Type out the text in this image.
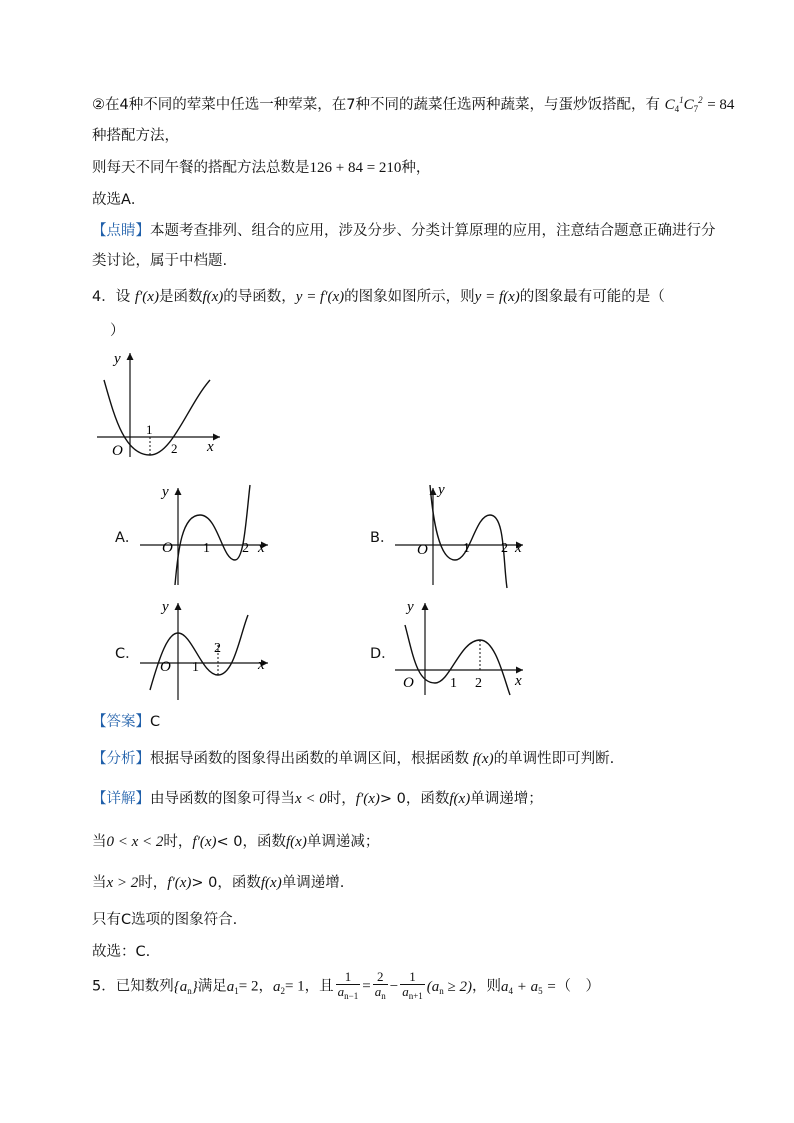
②在4种不同的荤菜中任选一种荤菜，在7种不同的蔬菜任选两种蔬菜，与蛋炒饭搭配，有 $C_4^1C_7^2 = 84$
种搭配方法，
则每天不同午餐的搭配方法总数是126 + 84 = 210种，
故选A．
【点睛】本题考查排列、组合的应用，涉及分步、分类计算原理的应用，注意结合题意正确进行分
类讨论，属于中档题.
4．设 f′(x)是函数f(x)的导函数，y = f′(x)的图象如图所示，则y = f(x)的图象最有可能的是（
）
y
x
O
1
2
A．
y
x
O 1 2
B．
y
x
O	1 2
C．
y
x
O 1
2	D．
y
x
O	1 2
【答案】C
【分析】根据导函数的图象得出函数的单调区间，根据函数 f(x)的单调性即可判断.
【详解】由导函数的图象可得当x < 0时，f′(x)> 0，函数f(x)单调递增；
当0 < x < 2时，f′(x)< 0，函数f(x)单调递减；
当x > 2时，f′(x)> 0，函数f(x)单调递增.
只有C选项的图象符合.
故选：C.
5．已知数列$\{a_n\}$满足$a_1= 2$，$a_2= 1$，且 $\frac{1}{a_{n-1}} = \frac{2}{a_n} - \frac{1}{a_{n+1}} (a_n \ge 2)$，则$a_4 + a_5$ =（　）
